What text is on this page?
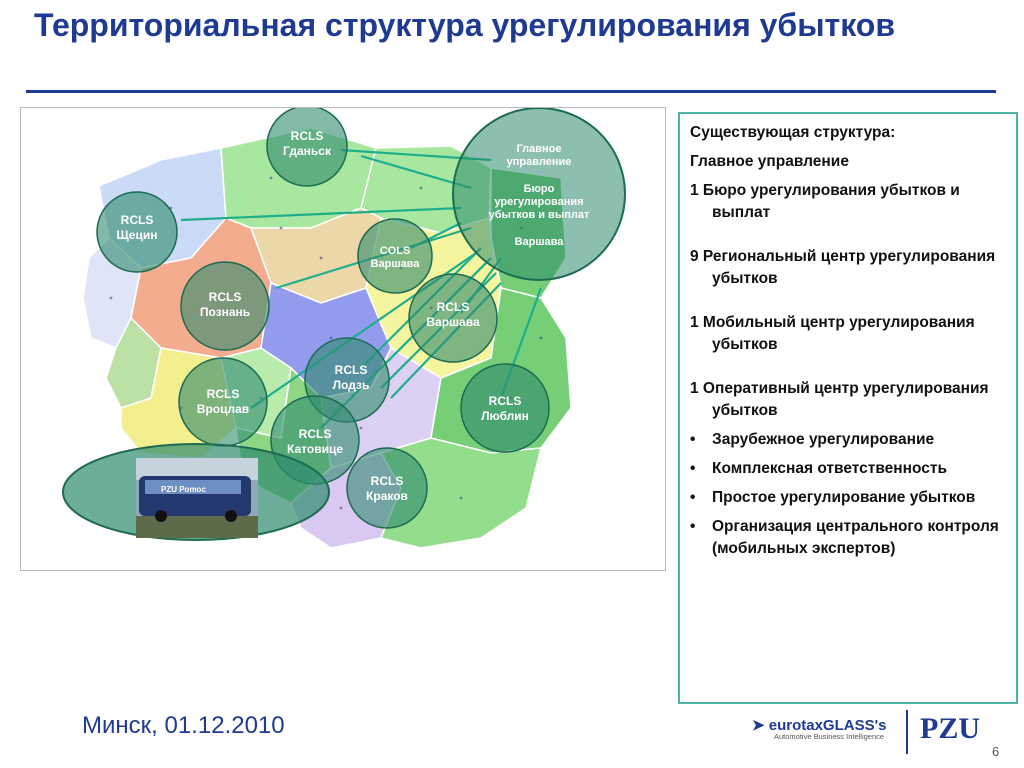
Территориальная структура урегулирования убытков
Главное
управление
Бюро
урегулирования
убытков и выплат
Варшава
RCLS
Гданьск
RCLS
Щецин
COLS
Варшава
RCLS
Познань	RCLS
Варшава
RCLS
Лодзь
RCLS
Вроцлав
RCLS
Люблин
RCLS
Катовице
RCLS
Краков
PZU Pomoc

Существующая структура:

Главное управление

1 Бюро урегулирования убытков и выплат

9 Региональный центр урегулирования убытков

1 Мобильный центр урегулирования убытков

1 Оперативный центр урегулирования убытков

• Зарубежное урегулирование
• Комплексная ответственность
• Простое урегулирование убытков
• Организация центрального контроля (мобильных экспертов)
Минск, 01.12.2010	➤ eurotaxGLASS's
Automotive Business Intelligence PZU
6
